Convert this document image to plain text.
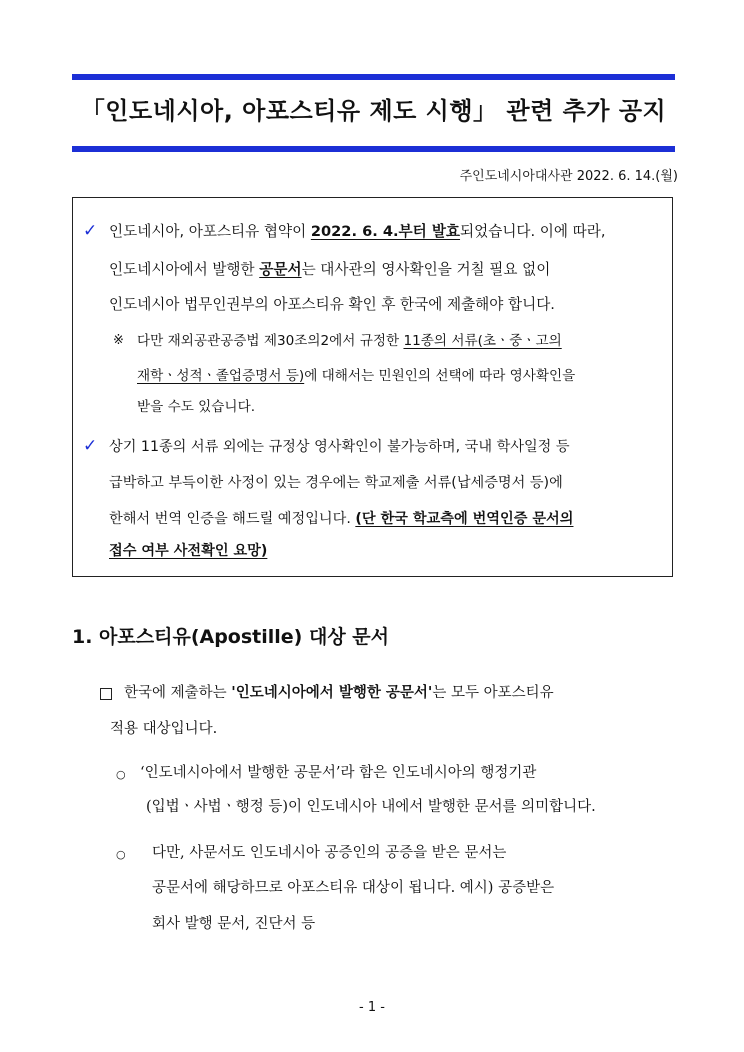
「인도네시아, 아포스티유 제도 시행」 관련 추가 공지
주인도네시아대사관 2022. 6. 14.(월)
✓ 인도네시아, 아포스티유 협약이 2022. 6. 4.부터 발효되었습니다. 이에 따라,
인도네시아에서 발행한 공문서는 대사관의 영사확인을 거칠 필요 없이
인도네시아 법무인권부의 아포스티유 확인 후 한국에 제출해야 합니다.
※ 다만 재외공관공증법 제30조의2에서 규정한 11종의 서류(초ㆍ중ㆍ고의
재학ㆍ성적ㆍ졸업증명서 등)에 대해서는 민원인의 선택에 따라 영사확인을
받을 수도 있습니다.
✓ 상기 11종의 서류 외에는 규정상 영사확인이 불가능하며, 국내 학사일정 등
급박하고 부득이한 사정이 있는 경우에는 학교제출 서류(납세증명서 등)에
한해서 번역 인증을 해드릴 예정입니다. (단 한국 학교측에 번역인증 문서의
접수 여부 사전확인 요망)
1. 아포스티유(Apostille) 대상 문서
한국에 제출하는 '인도네시아에서 발행한 공문서'는 모두 아포스티유
적용 대상입니다.
○ ‘인도네시아에서 발행한 공문서’라 함은 인도네시아의 행정기관
(입법ㆍ사법ㆍ행정 등)이 인도네시아 내에서 발행한 문서를 의미합니다.
○ 다만, 사문서도 인도네시아 공증인의 공증을 받은 문서는
공문서에 해당하므로 아포스티유 대상이 됩니다. 예시) 공증받은
회사 발행 문서, 진단서 등
- 1 -
